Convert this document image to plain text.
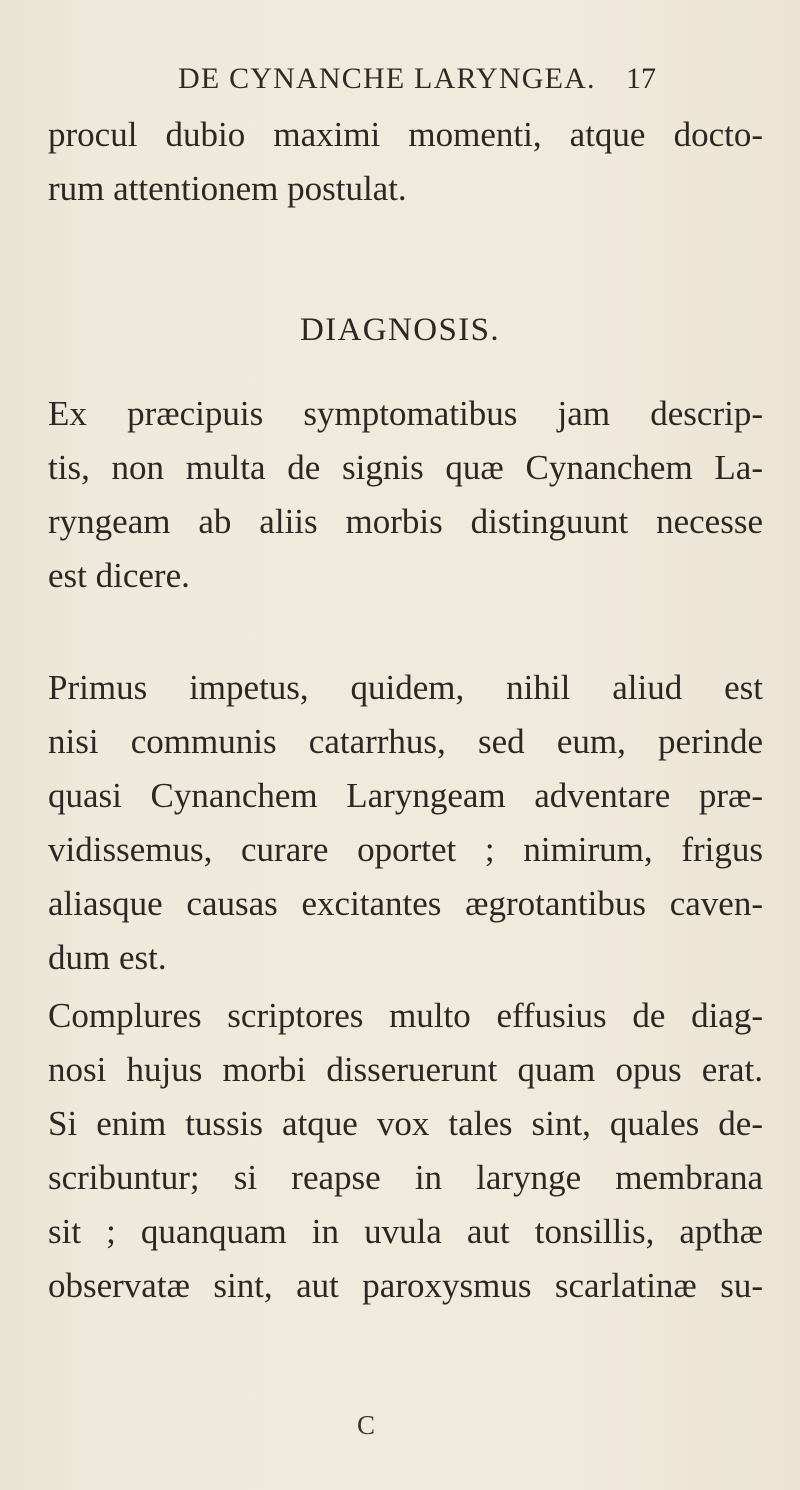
DE CYNANCHE LARYNGEA. 17
procul dubio maximi momenti, atque docto-
rum attentionem postulat.
DIAGNOSIS.
Ex præcipuis symptomatibus jam descrip-
tis, non multa de signis quæ Cynanchem La-
ryngeam ab aliis morbis distinguunt necesse
est dicere.
Primus impetus, quidem, nihil aliud est
nisi communis catarrhus, sed eum, perinde
quasi Cynanchem Laryngeam adventare præ-
vidissemus, curare oportet ; nimirum, frigus
aliasque causas excitantes ægrotantibus caven-
dum est.
Complures scriptores multo effusius de diag-
nosi hujus morbi disseruerunt quam opus erat.
Si enim tussis atque vox tales sint, quales de-
scribuntur; si reapse in larynge membrana
sit ; quanquam in uvula aut tonsillis, apthæ
observatæ sint, aut paroxysmus scarlatinæ su-
C
